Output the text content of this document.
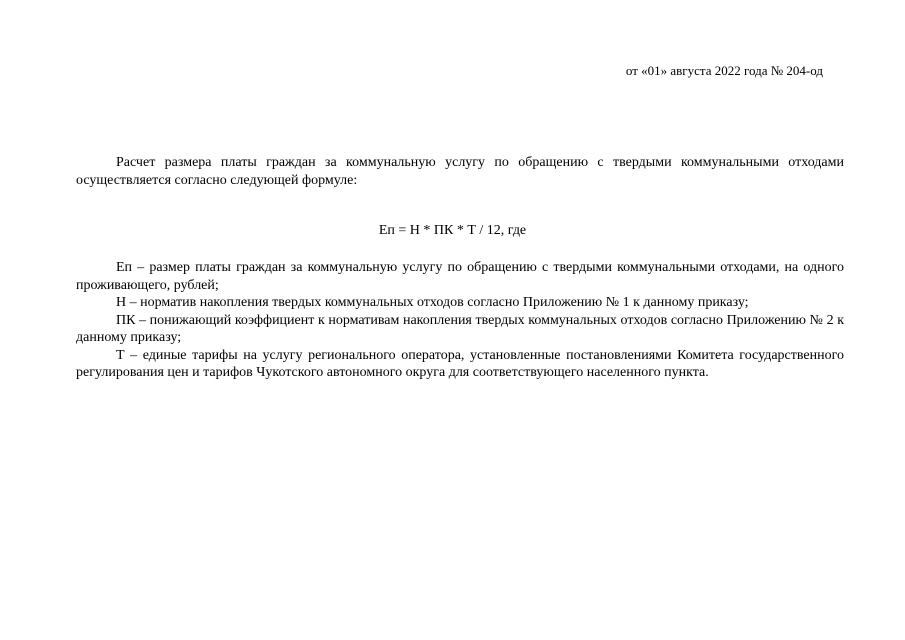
от «01» августа 2022 года № 204-од

Расчет размера платы граждан за коммунальную услугу по обращению с твердыми коммунальными отходами осуществляется согласно следующей формуле:

Еп = Н * ПК * Т / 12, где

Еп – размер платы граждан за коммунальную услугу по обращению с твердыми коммунальными отходами, на одного проживающего, рублей;

Н – норматив накопления твердых коммунальных отходов согласно Приложению № 1 к данному приказу;

ПК – понижающий коэффициент к нормативам накопления твердых коммунальных отходов согласно Приложению № 2 к данному приказу;

Т – единые тарифы на услугу регионального оператора, установленные постановлениями Комитета государственного регулирования цен и тарифов Чукотского автономного округа для соответствующего населенного пункта.
